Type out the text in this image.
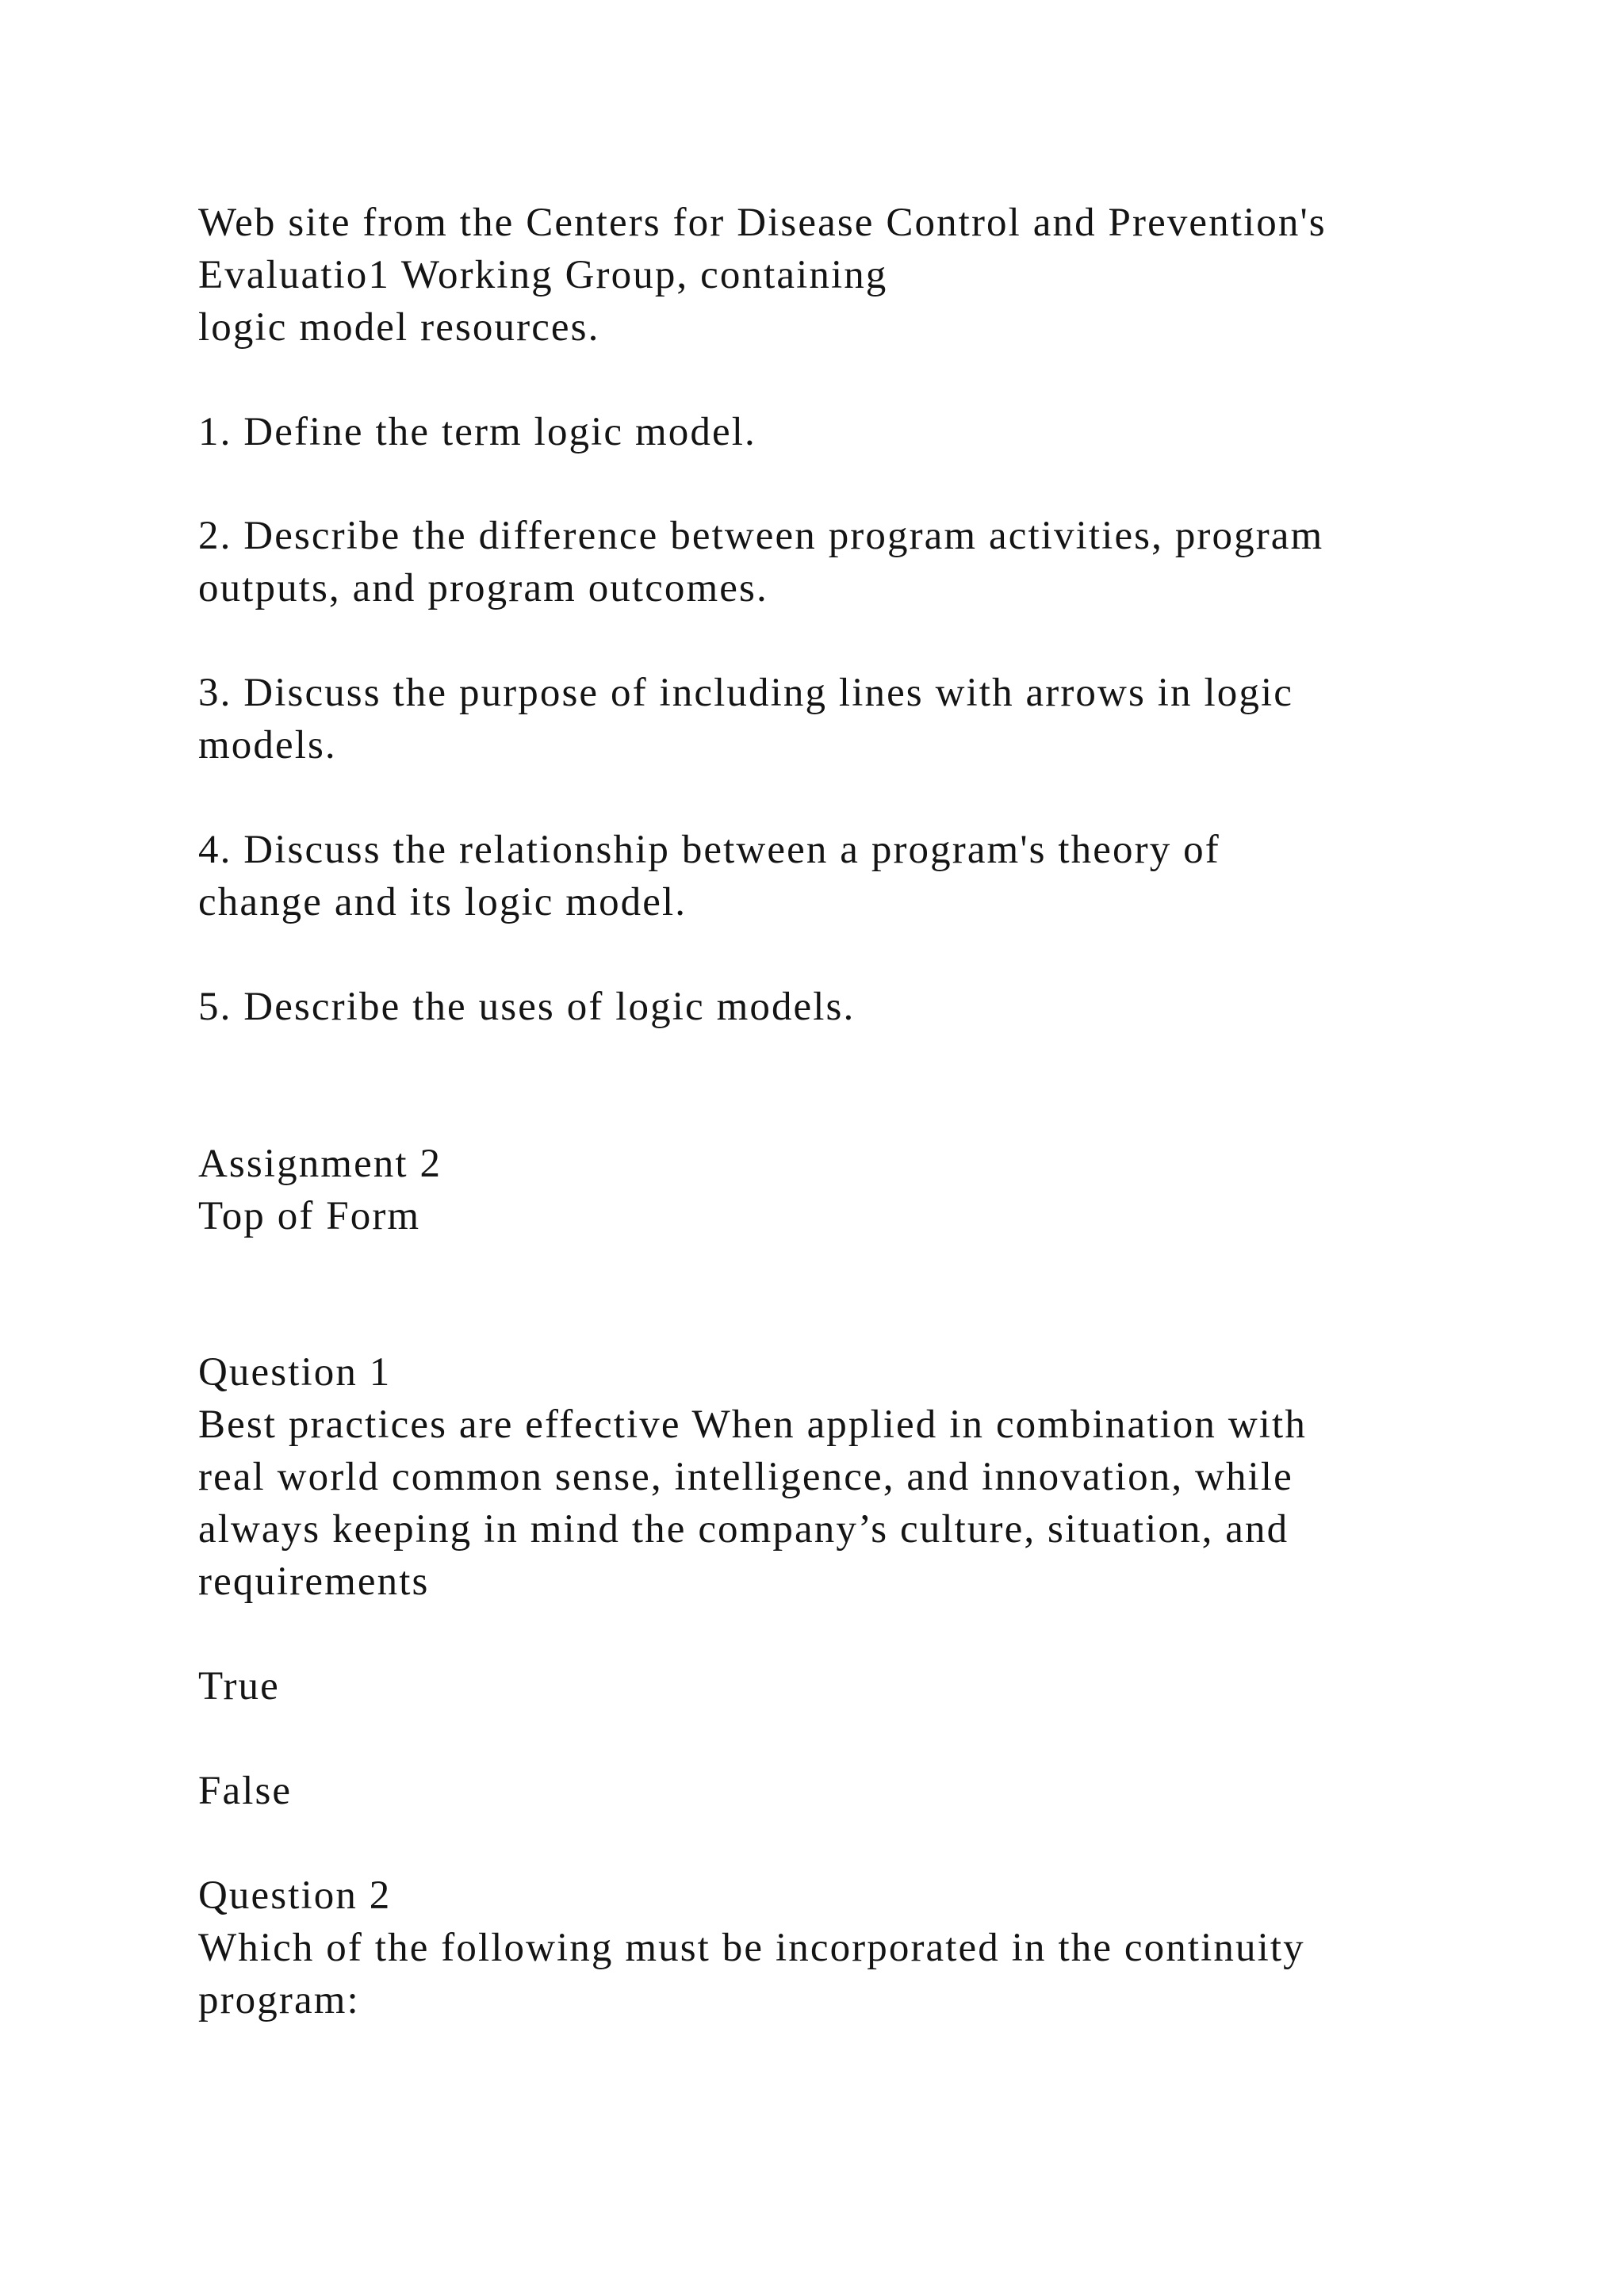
Web site from the Centers for Disease Control and Prevention's

Evaluatio1 Working Group, containing

logic model resources.

1. Define the term logic model.

2. Describe the difference between program activities, program

outputs, and program outcomes.

3. Discuss the purpose of including lines with arrows in logic

models.

4. Discuss the relationship between a program's theory of

change and its logic model.

5. Describe the uses of logic models.

Assignment 2

Top of Form

Question 1

Best practices are effective When applied in combination with

real world common sense, intelligence, and innovation, while

always keeping in mind the company’s culture, situation, and

requirements

True

False

Question 2

Which of the following must be incorporated in the continuity

program:
